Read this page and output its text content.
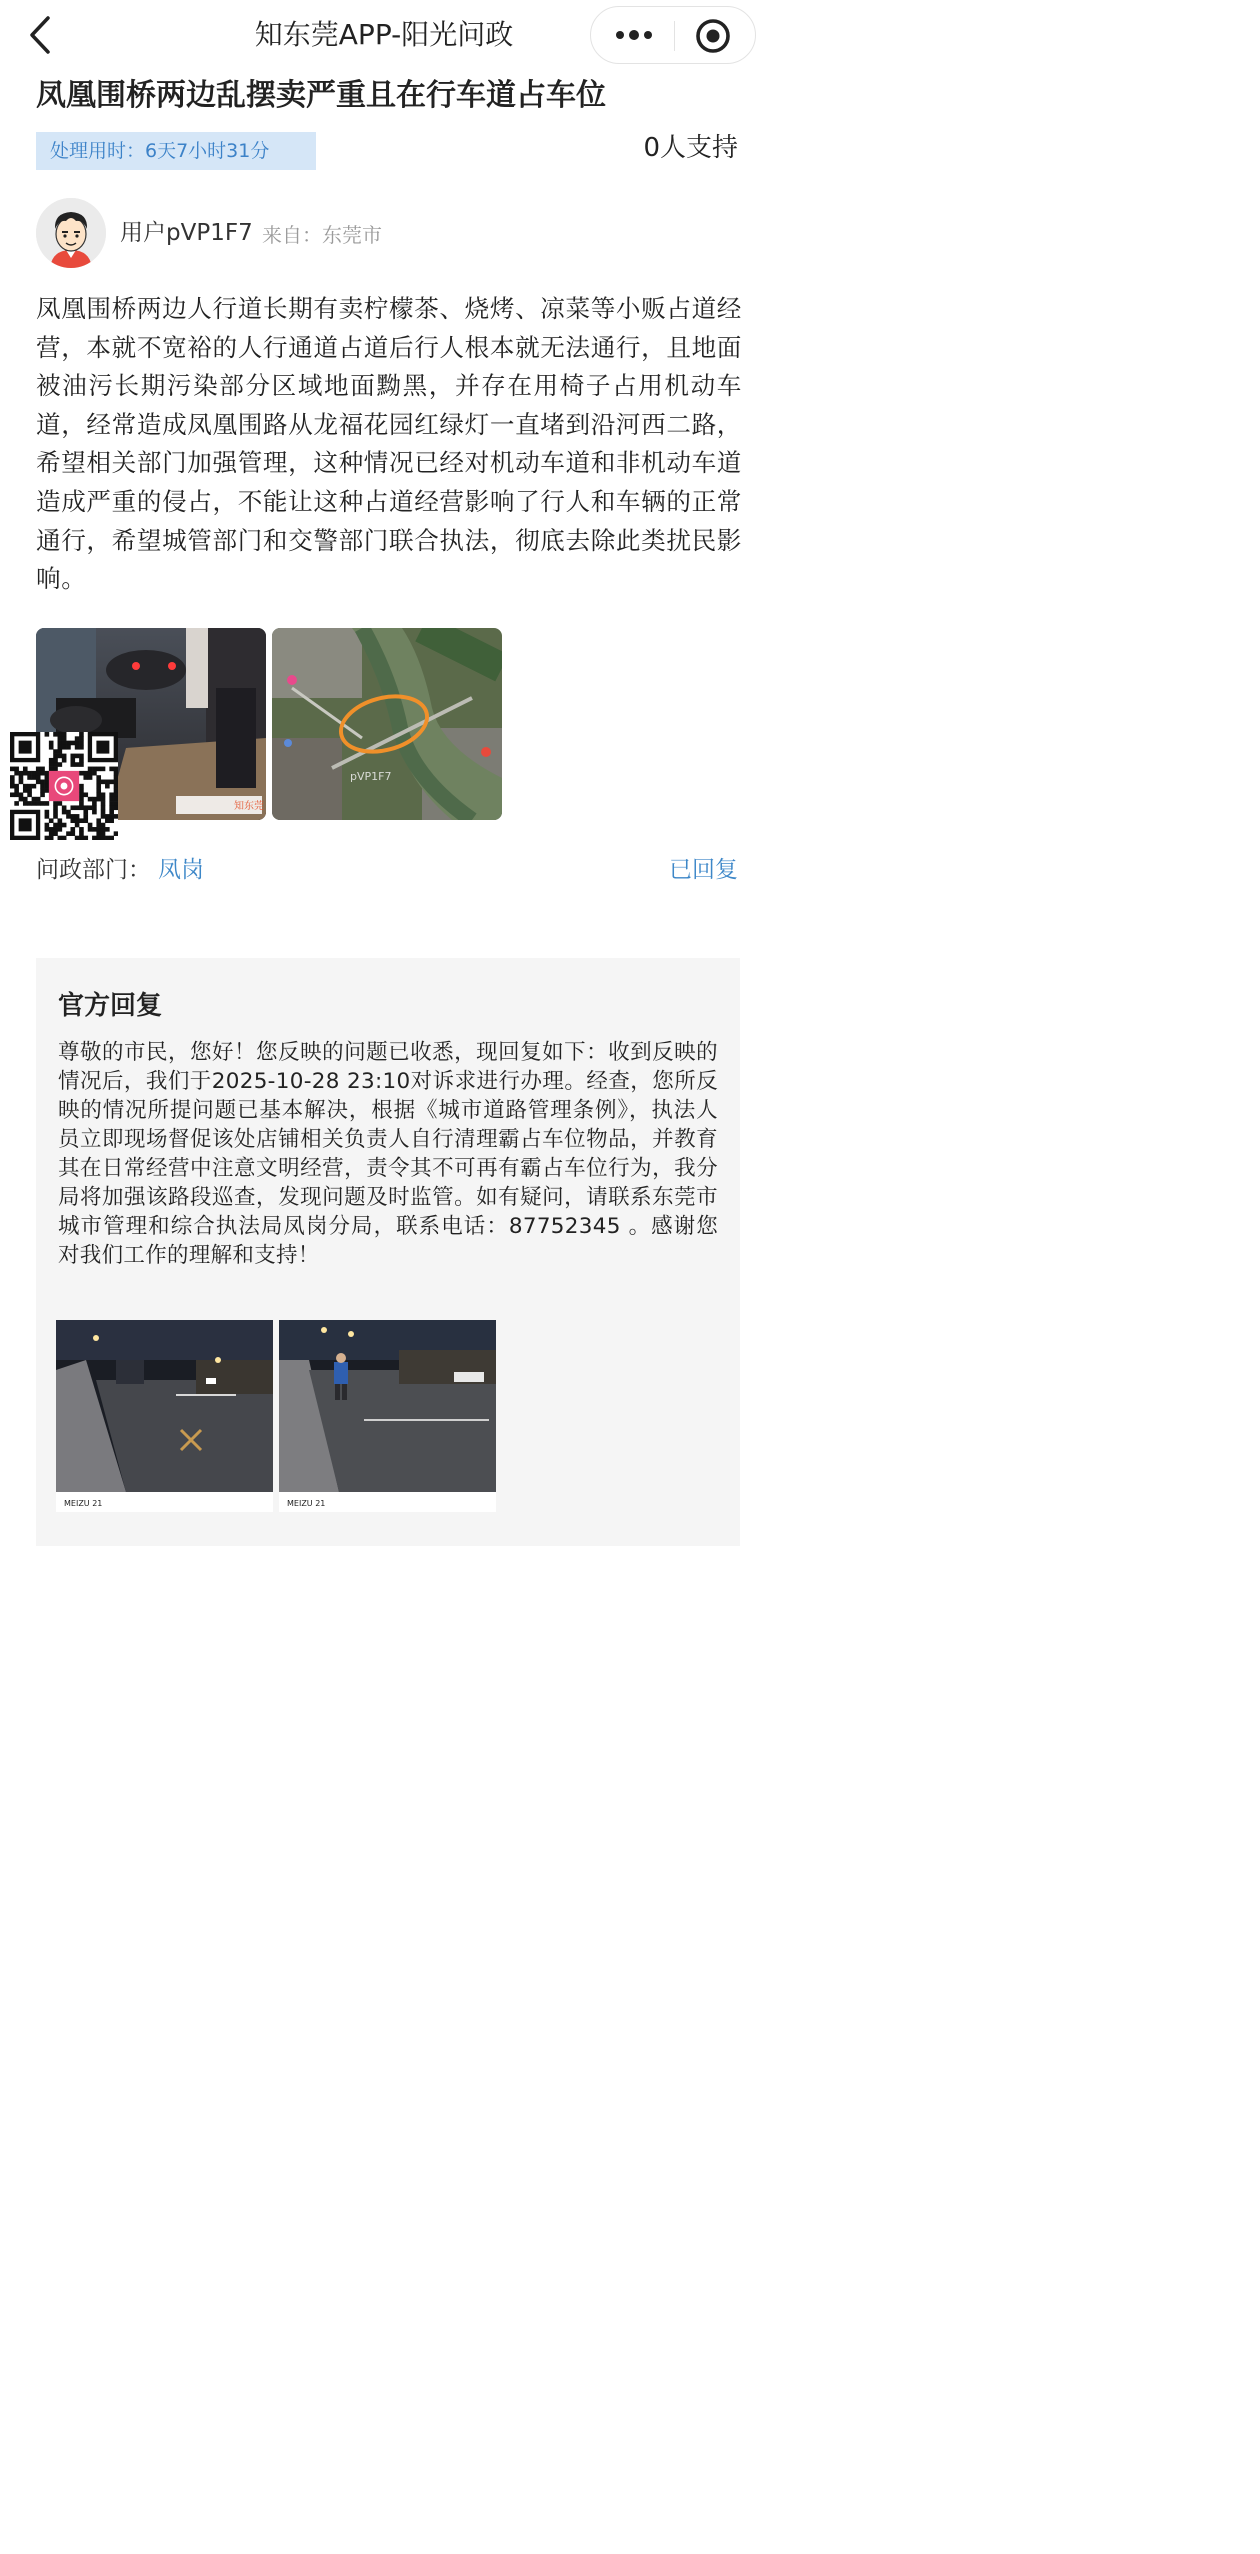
知东莞APP-阳光问政
凤凰围桥两边乱摆卖严重且在行车道占车位
处理用时：6天7小时31分	0人支持
用户pVP1F7 来自：东莞市
凤凰围桥两边人行道长期有卖柠檬茶、烧烤、凉菜等小贩占道经营，本就不宽裕的人行通道占道后行人根本就无法通行，且地面被油污长期污染部分区域地面黝黑，并存在用椅子占用机动车道，经常造成凤凰围路从龙福花园红绿灯一直堵到沿河西二路，希望相关部门加强管理，这种情况已经对机动车道和非机动车道造成严重的侵占，不能让这种占道经营影响了行人和车辆的正常通行，希望城管部门和交警部门联合执法，彻底去除此类扰民影响。
知东莞
pVP1F7
问政部门： 凤岗	已回复
官方回复
尊敬的市民，您好！您反映的问题已收悉，现回复如下：收到反映的情况后，我们于2025-10-28 23:10对诉求进行办理。经查，您所反映的情况所提问题已基本解决，根据《城市道路管理条例》，执法人员立即现场督促该处店铺相关负责人自行清理霸占车位物品，并教育其在日常经营中注意文明经营，责令其不可再有霸占车位行为，我分局将加强该路段巡查，发现问题及时监管。如有疑问，请联系东莞市城市管理和综合执法局凤岗分局，联系电话：87752345 。感谢您对我们工作的理解和支持！
MEIZU 21	MEIZU 21
